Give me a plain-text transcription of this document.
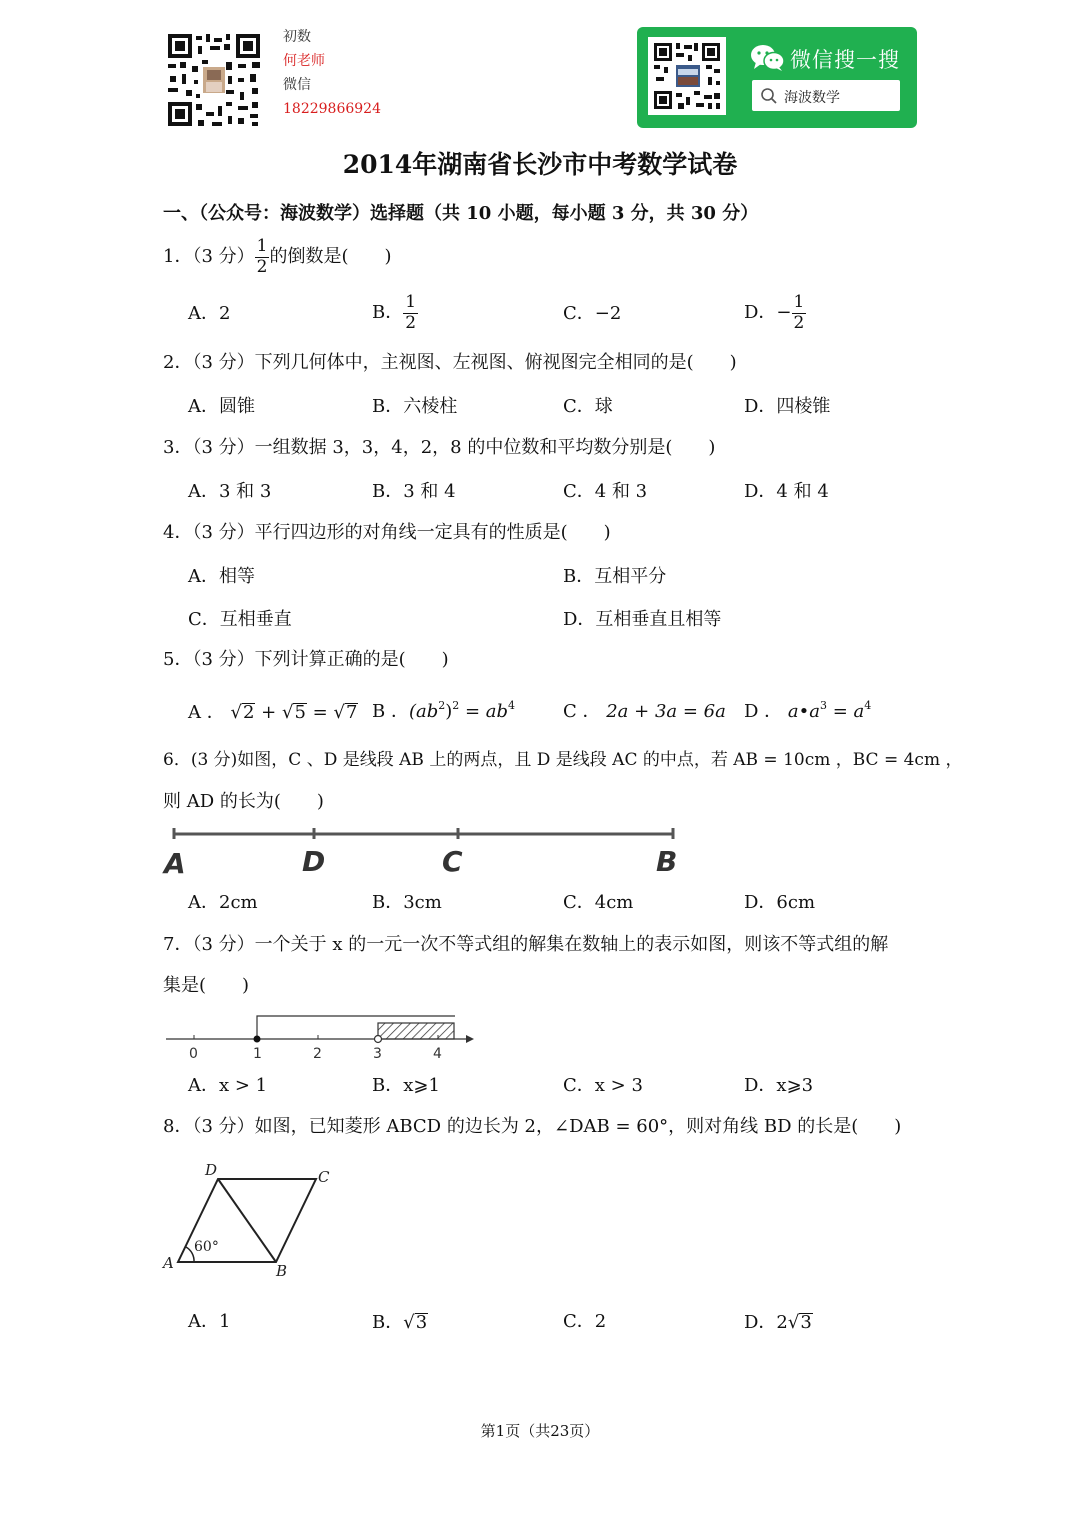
初数
何老师
微信
18229866924
微信搜一搜
海波数学
2014年湖南省长沙市中考数学试卷
一、（公众号：海波数学）选择题（共 10 小题，每小题 3 分，共 30 分）
1．（3 分） $\frac{1}{2}$ 的倒数是(　　)
A．2	B． $\frac{1}{2}$	C．−2	D．− $\frac{1}{2}$
2．（3 分）下列几何体中，主视图、左视图、俯视图完全相同的是(　　)
A．圆锥	B．六棱柱	C．球	D．四棱锥
3．（3 分）一组数据 3，3，4，2，8 的中位数和平均数分别是(　　)
A．3 和 3	B．3 和 4	C．4 和 3	D．4 和 4
4．（3 分）平行四边形的对角线一定具有的性质是(　　)
A．相等	B．互相平分
C．互相垂直	D．互相垂直且相等
5．（3 分）下列计算正确的是(　　)
A ． √2 + √5 = √7 B ．$(ab^2)^2 = ab^4$	C ． 2a + 3a = 6a D ． $a•a^3 = a^4$
6．(3 分)如图，C 、D 是线段 AB 上的两点，且 D 是线段 AC 的中点，若 AB = 10cm ，BC = 4cm ，
则 AD 的长为(　　)
A	D	C	B
A．2cm	B．3cm	C．4cm	D．6cm
7．（3 分）一个关于 x 的一元一次不等式组的解集在数轴上的表示如图，则该不等式组的解
集是(　　)
0	1	2	3	4
A．x > 1	B．x⩾1	C．x > 3	D．x⩾3
8．（3 分）如图，已知菱形 ABCD 的边长为 2，∠DAB = 60°，则对角线 BD 的长是(　　)
D	C
A	B
60°
A．1	B．√3	C．2	D．2√3
第1页（共23页）
